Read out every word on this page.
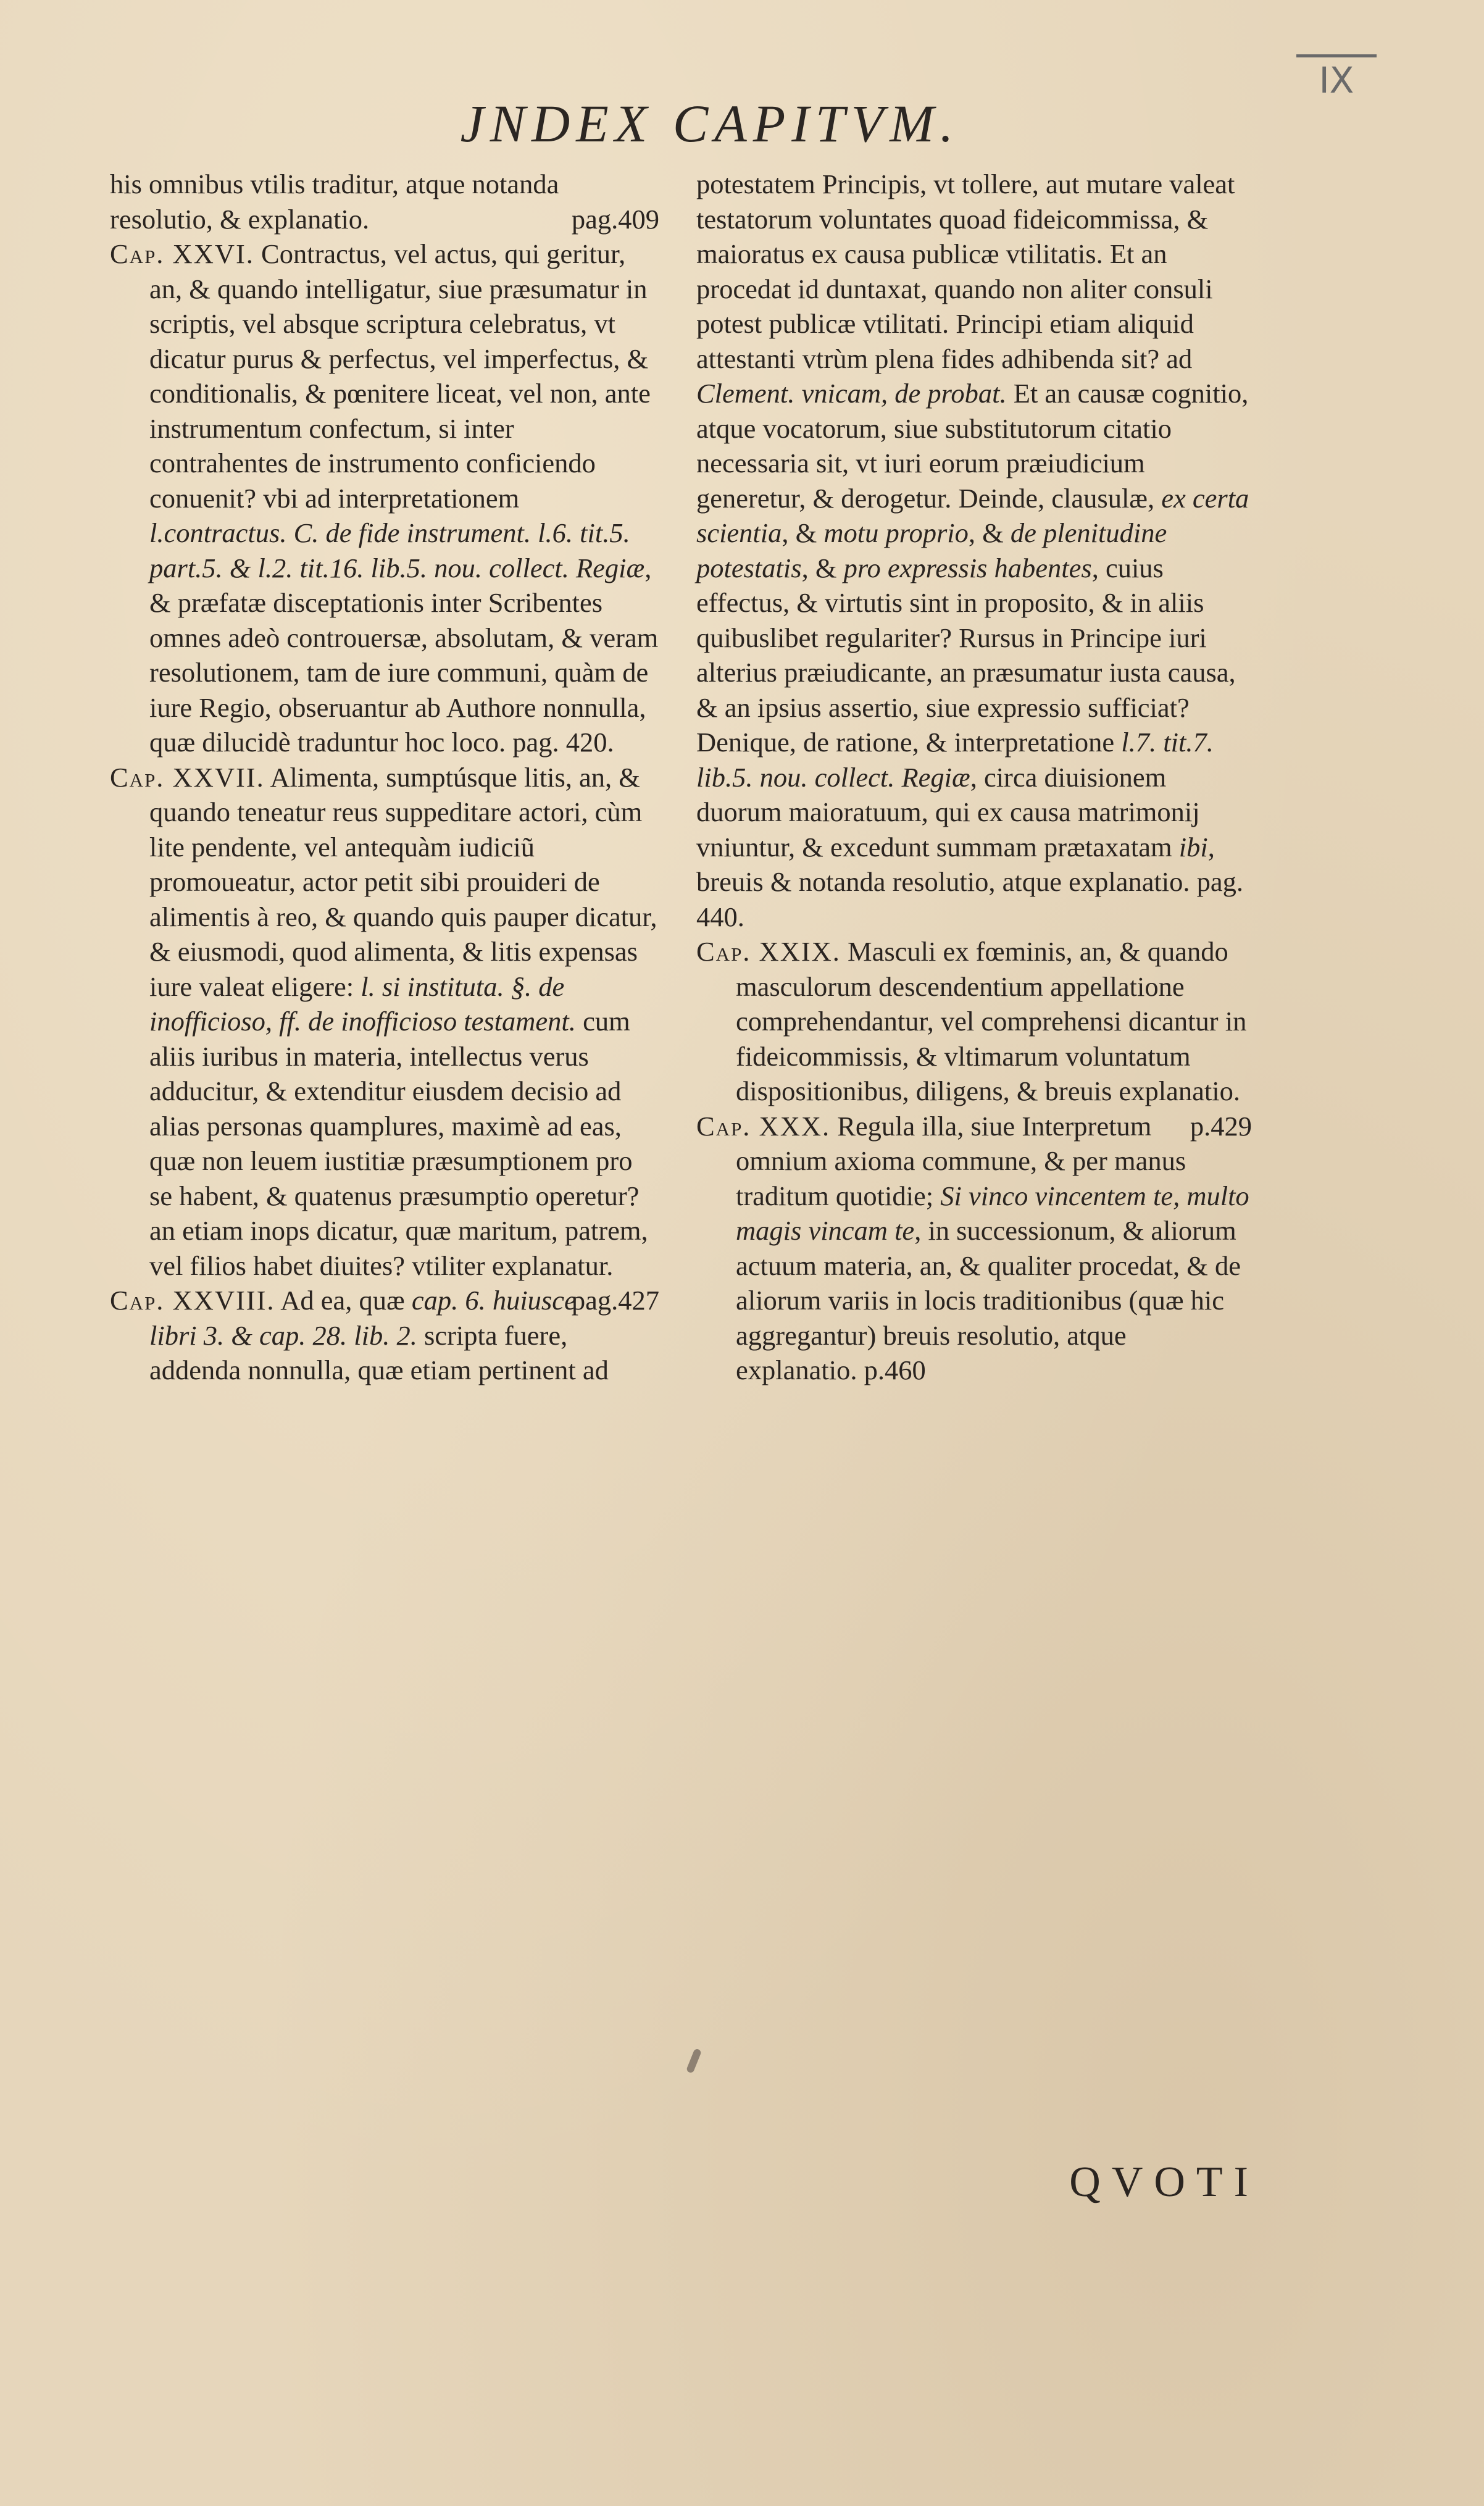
IX
JNDEX CAPITVM.

his omnibus vtilis traditur, atque notanda
resolutio, & explanatio.	pag.409

Cap. XXVI. Contractus, vel actus, qui geritur, an, & quando intelligatur, siue præsumatur in scriptis, vel absque scriptura celebratus, vt dicatur purus & perfectus, vel imperfectus, & conditionalis, & pœnitere liceat, vel non, ante instrumentum confectum, si inter contrahentes de instrumento conficiendo conuenit? vbi ad interpretationem l.contractus. C. de fide instrument. l.6. tit.5. part.5. & l.2. tit.16. lib.5. nou. collect. Regiæ, & præfatæ disceptationis inter Scribentes omnes adeò controuersæ, absolutam, & veram resolutionem, tam de iure communi, quàm de iure Regio, obseruantur ab Authore nonnulla, quæ dilucidè traduntur hoc loco. pag. 420.

Cap. XXVII. Alimenta, sumptúsque litis, an, & quando teneatur reus suppeditare actori, cùm lite pendente, vel antequàm iudiciũ promoueatur, actor petit sibi prouideri de alimentis à reo, & quando quis pauper dicatur, & eiusmodi, quod alimenta, & litis expensas iure valeat eligere: l. si instituta. §. de inofficioso, ff. de inofficioso testament. cum aliis iuribus in materia, intellectus verus adducitur, & extenditur eiusdem decisio ad alias personas quamplures, maximè ad eas, quæ non leuem iustitiæ præsumptionem pro se habent, & quatenus præsumptio operetur? an etiam inops dicatur, quæ maritum, patrem, vel filios habet diuites? vtiliter explanatur.
pag.427

Cap. XXVIII. Ad ea, quæ cap. 6. huiusce libri 3. & cap. 28. lib. 2. scripta fuere, addenda nonnulla, quæ etiam pertinent ad

potestatem Principis, vt tollere, aut mutare valeat testatorum voluntates quoad fideicommissa, & maioratus ex causa publicæ vtilitatis. Et an procedat id duntaxat, quando non aliter consuli potest publicæ vtilitati. Principi etiam aliquid attestanti vtrùm plena fides adhibenda sit? ad Clement. vnicam, de probat. Et an causæ cognitio, atque vocatorum, siue substitutorum citatio necessaria sit, vt iuri eorum præiudicium generetur, & derogetur. Deinde, clausulæ, ex certa scientia, & motu proprio, & de plenitudine potestatis, & pro expressis habentes, cuius effectus, & virtutis sint in proposito, & in aliis quibuslibet regulariter? Rursus in Principe iuri alterius præiudicante, an præsumatur iusta causa, & an ipsius assertio, siue expressio sufficiat? Denique, de ratione, & interpretatione l.7. tit.7. lib.5. nou. collect. Regiæ, circa diuisionem duorum maioratuum, qui ex causa matrimonij vniuntur, & excedunt summam prætaxatam ibi, breuis & notanda resolutio, atque explanatio. pag. 440.

Cap. XXIX. Masculi ex fœminis, an, & quando masculorum descendentium appellatione comprehendantur, vel comprehensi dicantur in fideicommissis, & vltimarum voluntatum dispositionibus, diligens, & breuis explanatio.
p.429

Cap. XXX. Regula illa, siue Interpretum omnium axioma commune, & per manus traditum quotidie; Si vinco vincentem te, multo magis vincam te, in successionum, & aliorum actuum materia, an, & qualiter procedat, & de aliorum variis in locis traditionibus (quæ hic aggregantur) breuis resolutio, atque explanatio. p.460

QVOTI
